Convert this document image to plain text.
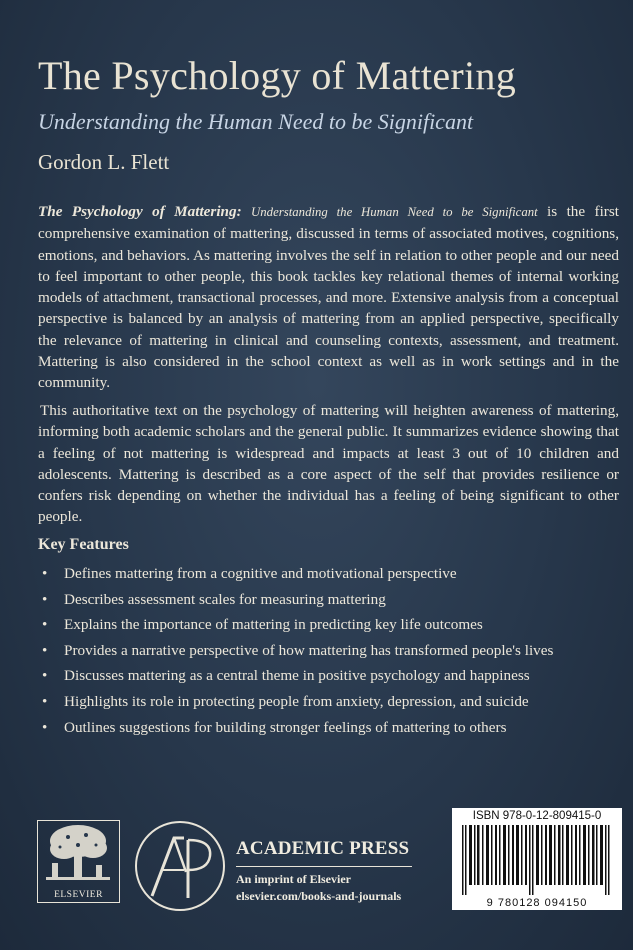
The Psychology of Mattering
Understanding the Human Need to be Significant
Gordon L. Flett

The Psychology of Mattering: Understanding the Human Need to be Significant is the first comprehensive examination of mattering, discussed in terms of associated motives, cognitions, emotions, and behaviors. As mattering involves the self in relation to other people and our need to feel important to other people, this book tackles key relational themes of internal working models of attachment, transactional processes, and more. Extensive analysis from a conceptual perspective is balanced by an analysis of mattering from an applied perspective, specifically the relevance of mattering in clinical and counseling contexts, assessment, and treatment. Mattering is also considered in the school context as well as in work settings and in the community.

This authoritative text on the psychology of mattering will heighten awareness of mattering, informing both academic scholars and the general public. It summarizes evidence showing that a feeling of not mattering is widespread and impacts at least 3 out of 10 children and adolescents. Mattering is described as a core aspect of the self that provides resilience or confers risk depending on whether the individual has a feeling of being significant to other people.

Key Features
•	Defines mattering from a cognitive and motivational perspective
•	Describes assessment scales for measuring mattering
•	Explains the importance of mattering in predicting key life outcomes
•	Provides a narrative perspective of how mattering has transformed people's lives
•	Discusses mattering as a central theme in positive psychology and happiness
•	Highlights its role in protecting people from anxiety, depression, and suicide
•	Outlines suggestions for building stronger feelings of mattering to others
ELSEVIER
ACADEMIC PRESS
An imprint of Elsevier
elsevier.com/books-and-journals
ISBN 978-0-12-809415-0
9 780128 094150
